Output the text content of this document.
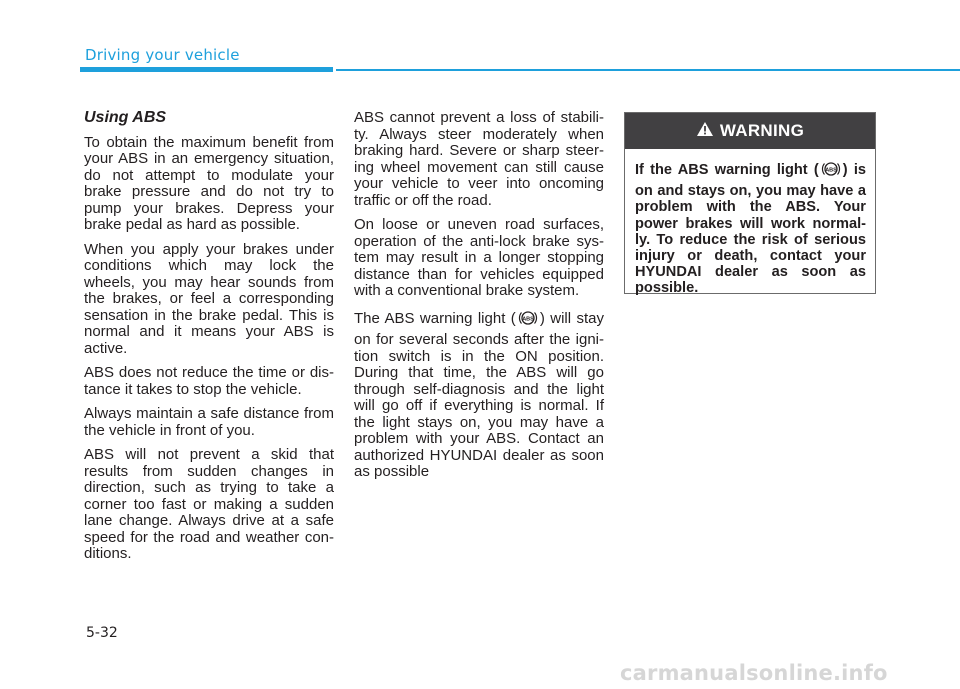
Driving your vehicle

Using ABS

To obtain the maximum benefit from your ABS in an emergency situation, do not attempt to modulate your brake pressure and do not try to pump your brakes. Depress your brake pedal as hard as possible.

When you apply your brakes under conditions which may lock the wheels, you may hear sounds from the brakes, or feel a corresponding sensation in the brake pedal. This is normal and it means your ABS is active.

ABS does not reduce the time or dis-tance it takes to stop the vehicle.

Always maintain a safe distance from the vehicle in front of you.

ABS will not prevent a skid that results from sudden changes in direction, such as trying to take a corner too fast or making a sudden lane change. Always drive at a safe speed for the road and weather con-ditions.

ABS cannot prevent a loss of stabili-ty. Always steer moderately when braking hard. Severe or sharp steer-ing wheel movement can still cause your vehicle to veer into oncoming traffic or off the road.

On loose or uneven road surfaces, operation of the anti-lock brake sys-tem may result in a longer stopping distance than for vehicles equipped with a conventional brake system.

The ABS warning light ( ABS ) will stay on for several seconds after the igni-tion switch is in the ON position. During that time, the ABS will go through self-diagnosis and the light will go off if everything is normal. If the light stays on, you may have a problem with your ABS. Contact an authorized HYUNDAI dealer as soon as possible

WARNING

If the ABS warning light ( ABS ) is on and stays on, you may have a problem with the ABS. Your power brakes will work normal-ly. To reduce the risk of serious injury or death, contact your HYUNDAI dealer as soon as possible.

5-32
carmanualsonline.info
